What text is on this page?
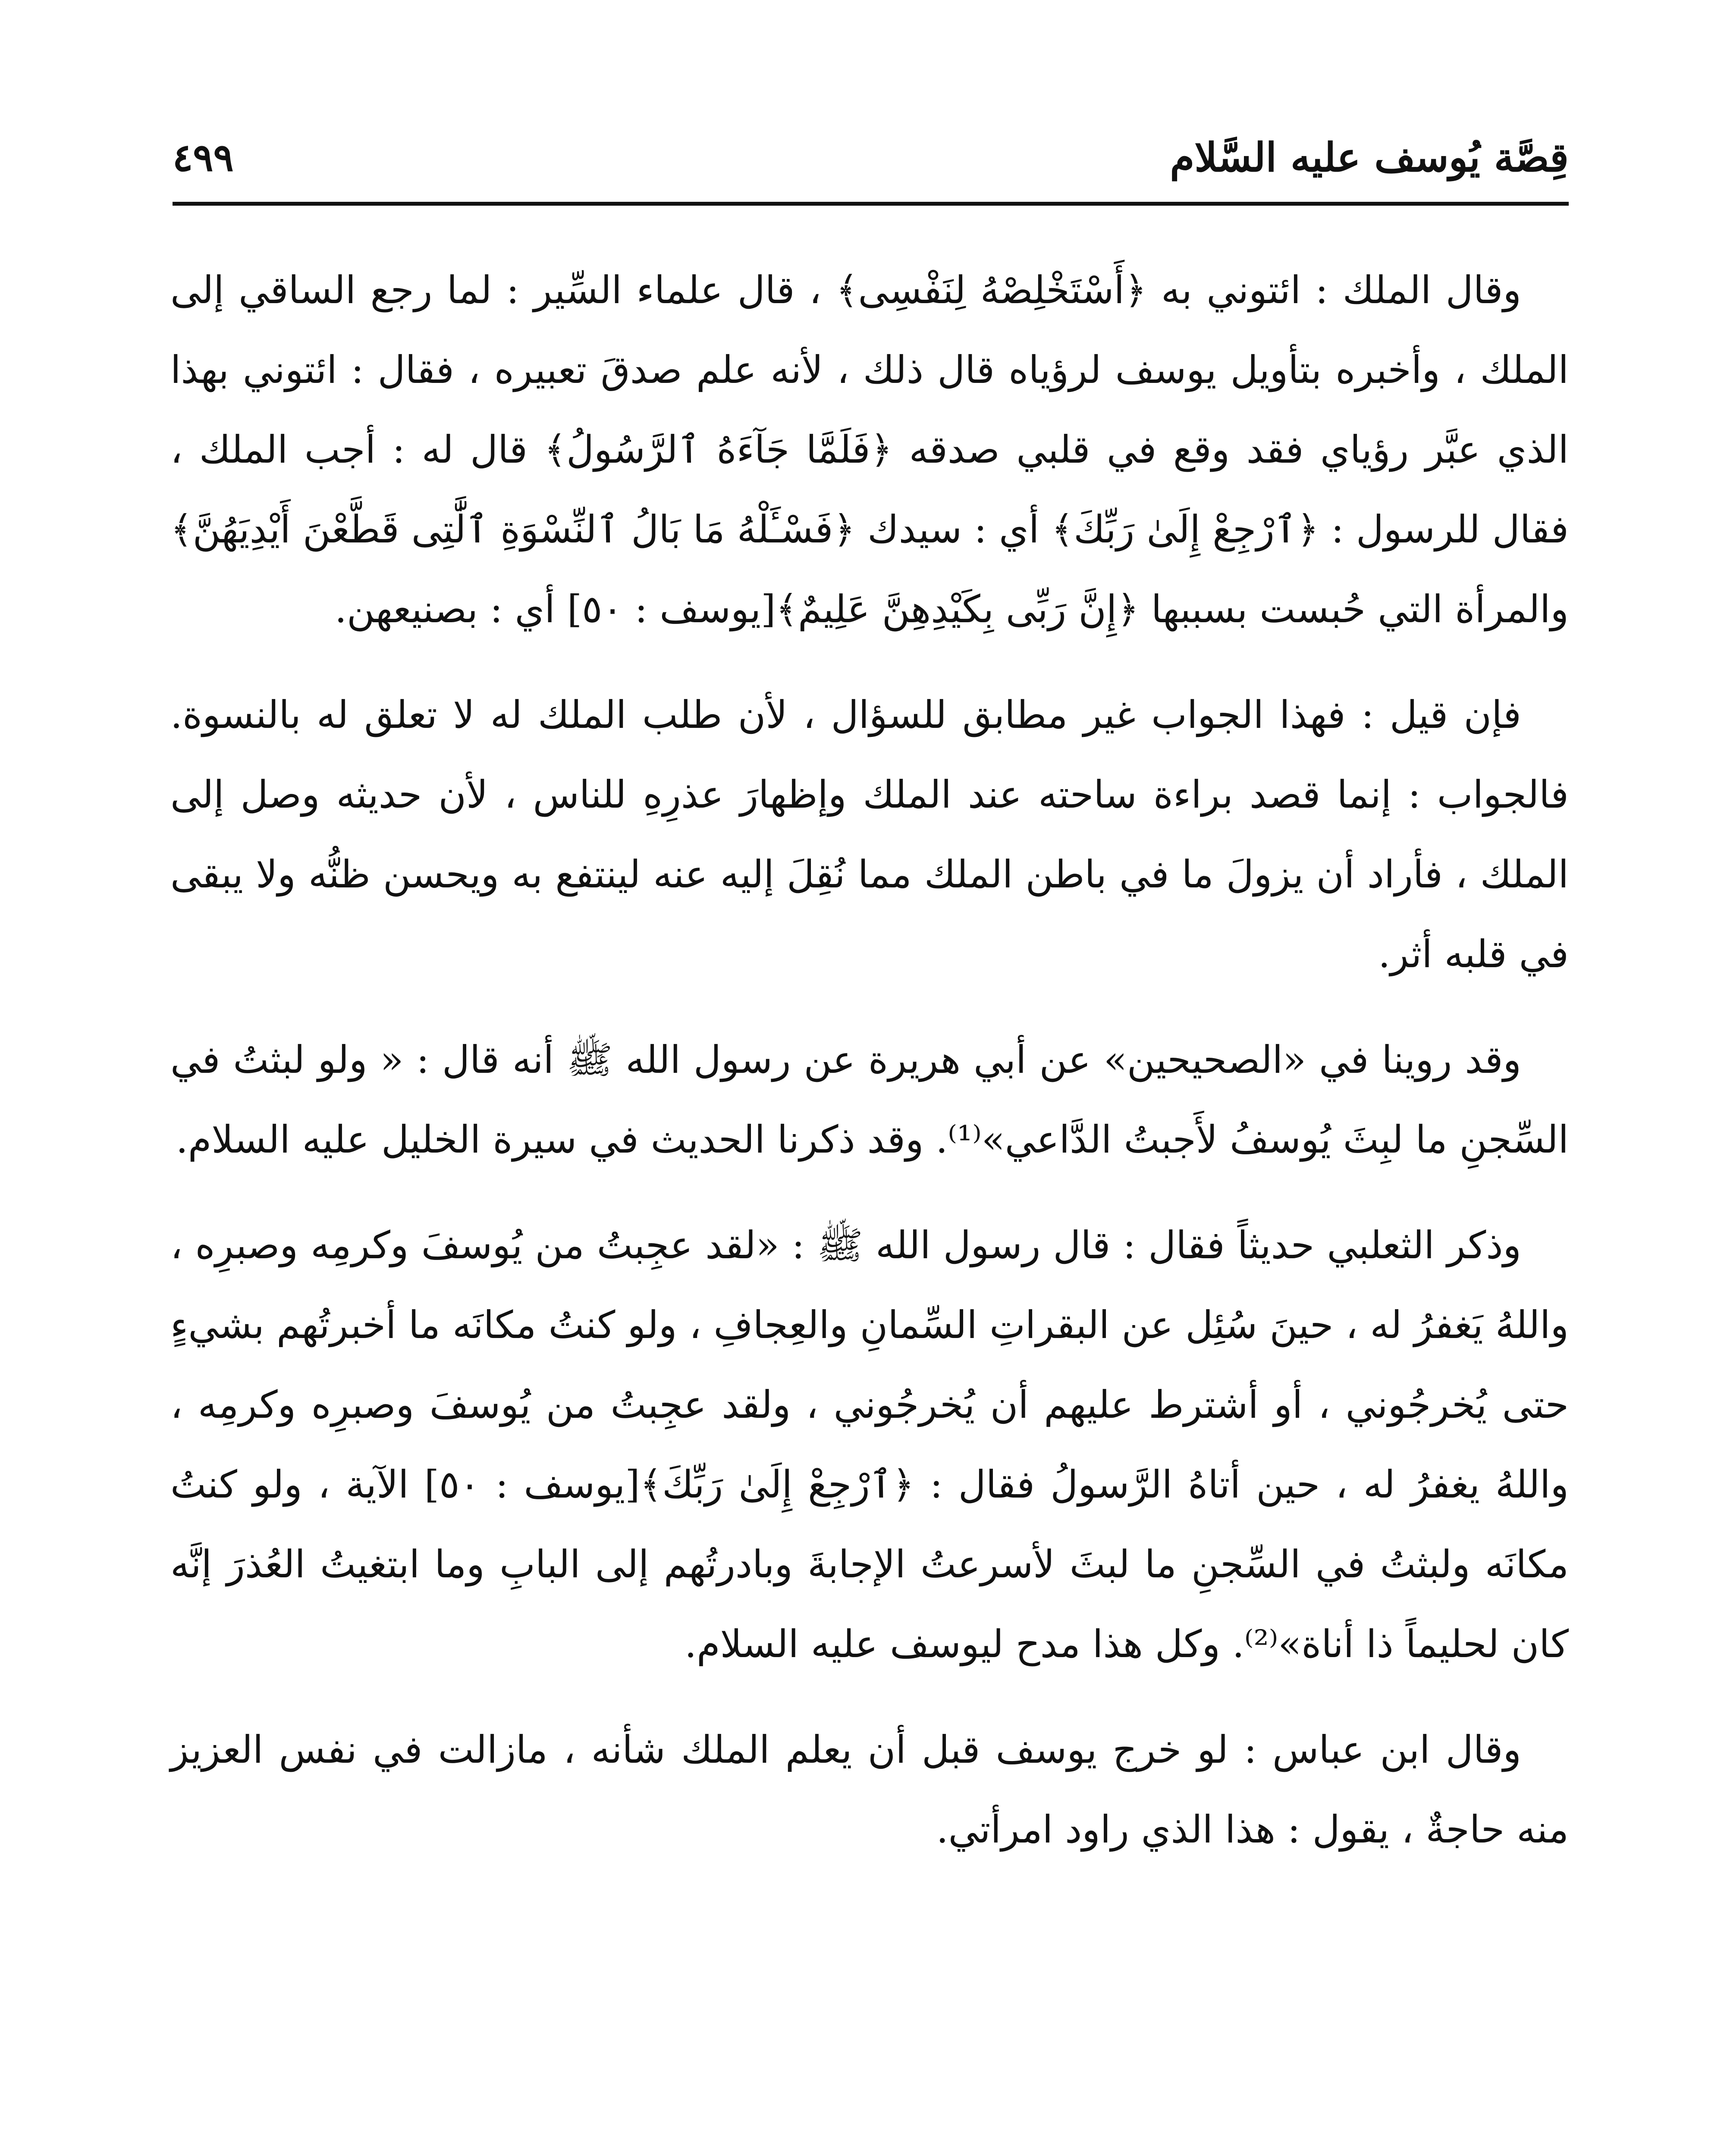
قِصَّة يُوسف عليه السَّلام
٤٩٩

وقال الملك : ائتوني به ﴿أَسْتَخْلِصْهُ لِنَفْسِى﴾ ، قال علماء السِّير : لما رجع الساقي إلى الملك ، وأخبره بتأويل يوسف لرؤياه قال ذلك ، لأنه علم صدقَ تعبيره ، فقال : ائتوني بهذا الذي عبَّر رؤياي فقد وقع في قلبي صدقه ﴿فَلَمَّا جَآءَهُ ٱلرَّسُولُ﴾ قال له : أجب الملك ، فقال للرسول : ﴿ٱرْجِعْ إِلَىٰ رَبِّكَ﴾ أي : سيدك ﴿فَسْـَٔلْهُ مَا بَالُ ٱلنِّسْوَةِ ٱلَّٰتِى قَطَّعْنَ أَيْدِيَهُنَّ﴾ والمرأة التي حُبست بسببها ﴿إِنَّ رَبِّى بِكَيْدِهِنَّ عَلِيمٌ﴾[يوسف : ٥٠] أي : بصنيعهن.

فإن قيل : فهذا الجواب غير مطابق للسؤال ، لأن طلب الملك له لا تعلق له بالنسوة. فالجواب : إنما قصد براءة ساحته عند الملك وإظهارَ عذرِهِ للناس ، لأن حديثه وصل إلى الملك ، فأراد أن يزولَ ما في باطن الملك مما نُقِلَ إليه عنه لينتفع به ويحسن ظنُّه ولا يبقى في قلبه أثر.

وقد روينا في «الصحيحين» عن أبي هريرة عن رسول الله ﷺ أنه قال : « ولو لبثتُ في السِّجنِ ما لبِثَ يُوسفُ لأَجبتُ الدَّاعي»⁽¹⁾. وقد ذكرنا الحديث في سيرة الخليل عليه السلام.

وذكر الثعلبي حديثاً فقال : قال رسول الله ﷺ : «لقد عجِبتُ من يُوسفَ وكرمِه وصبرِه ، واللهُ يَغفرُ له ، حينَ سُئِل عن البقراتِ السِّمانِ والعِجافِ ، ولو كنتُ مكانَه ما أخبرتُهم بشيءٍ حتى يُخرجُوني ، أو أشترط عليهم أن يُخرجُوني ، ولقد عجِبتُ من يُوسفَ وصبرِه وكرمِه ، واللهُ يغفرُ له ، حين أتاهُ الرَّسولُ فقال : ﴿ٱرْجِعْ إِلَىٰ رَبِّكَ﴾[يوسف : ٥٠] الآية ، ولو كنتُ مكانَه ولبثتُ في السِّجنِ ما لبثَ لأسرعتُ الإجابةَ وبادرتُهم إلى البابِ وما ابتغيتُ العُذرَ إنَّه كان لحليماً ذا أناة»⁽²⁾. وكل هذا مدح ليوسف عليه السلام.

وقال ابن عباس : لو خرج يوسف قبل أن يعلم الملك شأنه ، مازالت في نفس العزيز منه حاجةٌ ، يقول : هذا الذي راود امرأتي.
